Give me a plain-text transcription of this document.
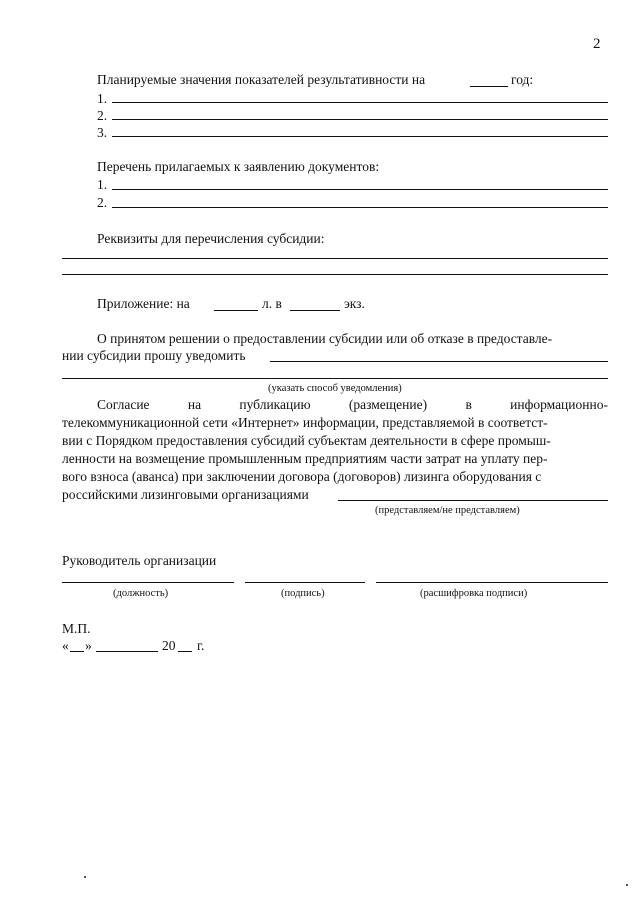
2
Планируемые значения показателей результативности на	год:
1.
2.
3.
Перечень прилагаемых к заявлению документов:
1.
2.
Реквизиты для перечисления субсидии:
Приложение: на	л. в	экз.
О принятом решении о предоставлении субсидии или об отказе в предоставле-
нии субсидии прошу уведомить
(указать способ уведомления)
Согласие	на	публикацию	(размещение)	в	информационно-
телекоммуникационной сети «Интернет» информации, представляемой в соответст-
вии с Порядком предоставления субсидий субъектам деятельности в сфере промыш-
ленности на возмещение промышленным предприятиям части затрат на уплату пер-
вого взноса (аванса) при заключении договора (договоров) лизинга оборудования с
российскими лизинговыми организациями
(представляем/не представляем)
Руководитель организации
(должность)	(подпись)	(расшифровка подписи)
М.П.
« »	20 г.
